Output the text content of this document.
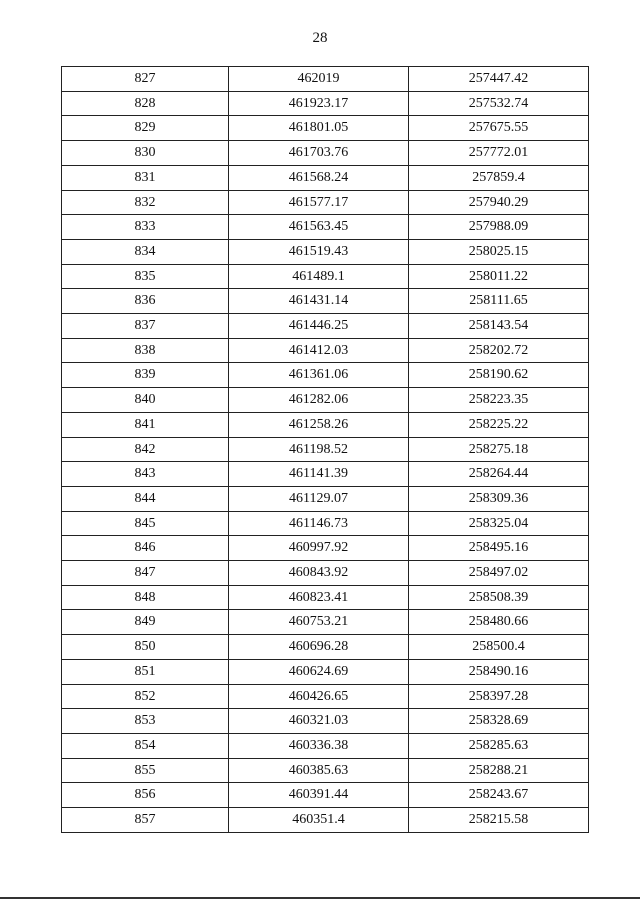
28
827	462019	257447.42
828	461923.17	257532.74
829	461801.05	257675.55
830	461703.76	257772.01
831	461568.24	257859.4
832	461577.17	257940.29
833	461563.45	257988.09
834	461519.43	258025.15
835	461489.1	258011.22
836	461431.14	258111.65
837	461446.25	258143.54
838	461412.03	258202.72
839	461361.06	258190.62
840	461282.06	258223.35
841	461258.26	258225.22
842	461198.52	258275.18
843	461141.39	258264.44
844	461129.07	258309.36
845	461146.73	258325.04
846	460997.92	258495.16
847	460843.92	258497.02
848	460823.41	258508.39
849	460753.21	258480.66
850	460696.28	258500.4
851	460624.69	258490.16
852	460426.65	258397.28
853	460321.03	258328.69
854	460336.38	258285.63
855	460385.63	258288.21
856	460391.44	258243.67
857	460351.4	258215.58
